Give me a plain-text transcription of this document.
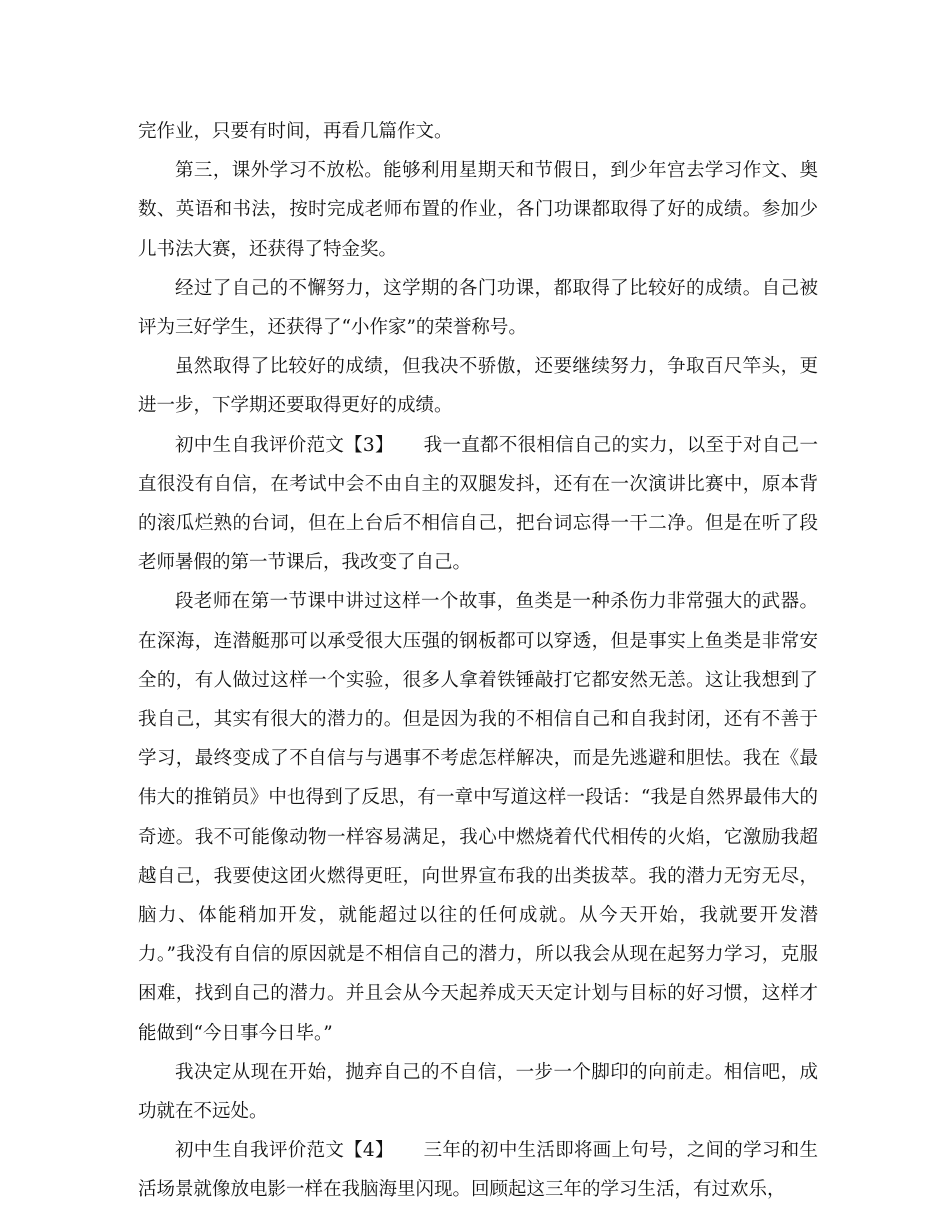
完作业，只要有时间，再看几篇作文。

第三，课外学习不放松。能够利用星期天和节假日，到少年宫去学习作文、奥数、英语和书法，按时完成老师布置的作业，各门功课都取得了好的成绩。参加少儿书法大赛，还获得了特金奖。

经过了自己的不懈努力，这学期的各门功课，都取得了比较好的成绩。自己被评为三好学生，还获得了“小作家”的荣誉称号。

虽然取得了比较好的成绩，但我决不骄傲，还要继续努力，争取百尺竿头，更进一步，下学期还要取得更好的成绩。

初中生自我评价范文【3】 我一直都不很相信自己的实力，以至于对自己一直很没有自信，在考试中会不由自主的双腿发抖，还有在一次演讲比赛中，原本背的滚瓜烂熟的台词，但在上台后不相信自己，把台词忘得一干二净。但是在听了段老师暑假的第一节课后，我改变了自己。

段老师在第一节课中讲过这样一个故事，鱼类是一种杀伤力非常强大的武器。在深海，连潜艇那可以承受很大压强的钢板都可以穿透，但是事实上鱼类是非常安全的，有人做过这样一个实验，很多人拿着铁锤敲打它都安然无恙。这让我想到了我自己，其实有很大的潜力的。但是因为我的不相信自己和自我封闭，还有不善于学习，最终变成了不自信与与遇事不考虑怎样解决，而是先逃避和胆怯。我在《最伟大的推销员》中也得到了反思，有一章中写道这样一段话：“我是自然界最伟大的奇迹。我不可能像动物一样容易满足，我心中燃烧着代代相传的火焰，它激励我超越自己，我要使这团火燃得更旺，向世界宣布我的出类拔萃。我的潜力无穷无尽，脑力、体能稍加开发，就能超过以往的任何成就。从今天开始，我就要开发潜力。”我没有自信的原因就是不相信自己的潜力，所以我会从现在起努力学习，克服困难，找到自己的潜力。并且会从今天起养成天天定计划与目标的好习惯，这样才能做到“今日事今日毕。”

我决定从现在开始，抛弃自己的不自信，一步一个脚印的向前走。相信吧，成功就在不远处。

初中生自我评价范文【4】 三年的初中生活即将画上句号，之间的学习和生活场景就像放电影一样在我脑海里闪现。回顾起这三年的学习生活，有过欢乐，
